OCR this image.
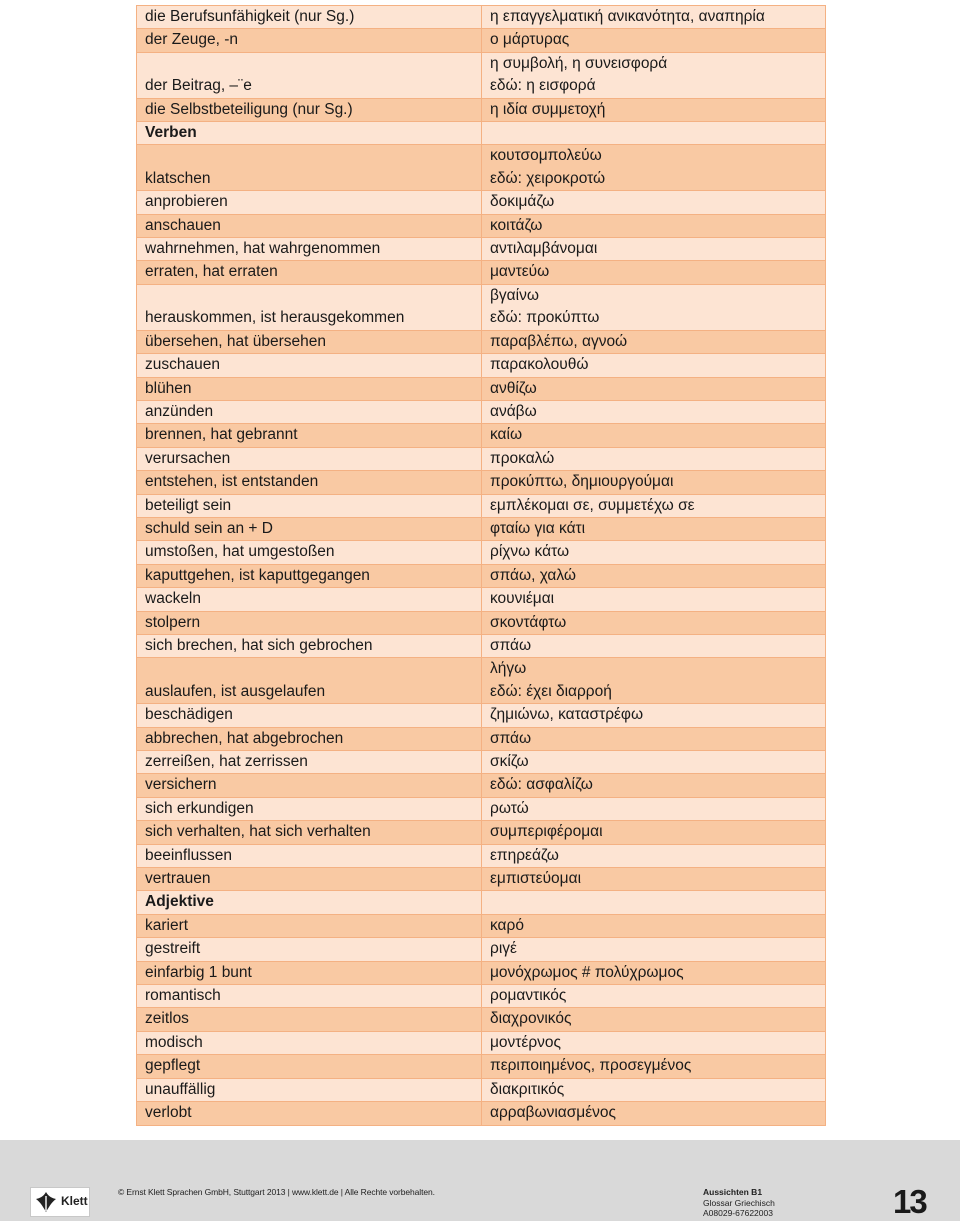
die Berufsunfähigkeit (nur Sg.)	η επαγγελματική ανικανότητα, αναπηρία
der Zeuge, -n	ο μάρτυρας
der Beitrag, –¨e	η συμβολή, η συνεισφορά
εδώ: η εισφορά
die Selbstbeteiligung (nur Sg.)	η ιδία συμμετοχή
Verben	
klatschen	κουτσομπολεύω
εδώ: χειροκροτώ
anprobieren	δοκιμάζω
anschauen	κοιτάζω
wahrnehmen, hat wahrgenommen	αντιλαμβάνομαι
erraten, hat erraten	μαντεύω
herauskommen, ist herausgekommen	βγαίνω
εδώ: προκύπτω
übersehen, hat übersehen	παραβλέπω, αγνοώ
zuschauen	παρακολουθώ
blühen	ανθίζω
anzünden	ανάβω
brennen, hat gebrannt	καίω
verursachen	προκαλώ
entstehen, ist entstanden	προκύπτω, δημιουργούμαι
beteiligt sein	εμπλέκομαι σε, συμμετέχω σε
schuld sein an + D	φταίω για κάτι
umstoßen, hat umgestoßen	ρίχνω κάτω
kaputtgehen, ist kaputtgegangen	σπάω, χαλώ
wackeln	κουνιέμαι
stolpern	σκοντάφτω
sich brechen, hat sich gebrochen	σπάω
auslaufen, ist ausgelaufen	λήγω
εδώ: έχει διαρροή
beschädigen	ζημιώνω, καταστρέφω
abbrechen, hat abgebrochen	σπάω
zerreißen, hat zerrissen	σκίζω
versichern	εδώ: ασφαλίζω
sich erkundigen	ρωτώ
sich verhalten, hat sich verhalten	συμπεριφέρομαι
beeinflussen	επηρεάζω
vertrauen	εμπιστεύομαι
Adjektive	
kariert	καρό
gestreift	ριγέ
einfarbig 1 bunt	μονόχρωμος # πολύχρωμος
romantisch	ρομαντικός
zeitlos	διαχρονικός
modisch	μοντέρνος
gepflegt	περιποιημένος, προσεγμένος
unauffällig	διακριτικός
verlobt	αρραβωνιασμένος
Klett
© Ernst Klett Sprachen GmbH, Stuttgart 2013 | www.klett.de | Alle Rechte vorbehalten.	Aussichten B1
Glossar Griechisch
A08029-67622003	13
